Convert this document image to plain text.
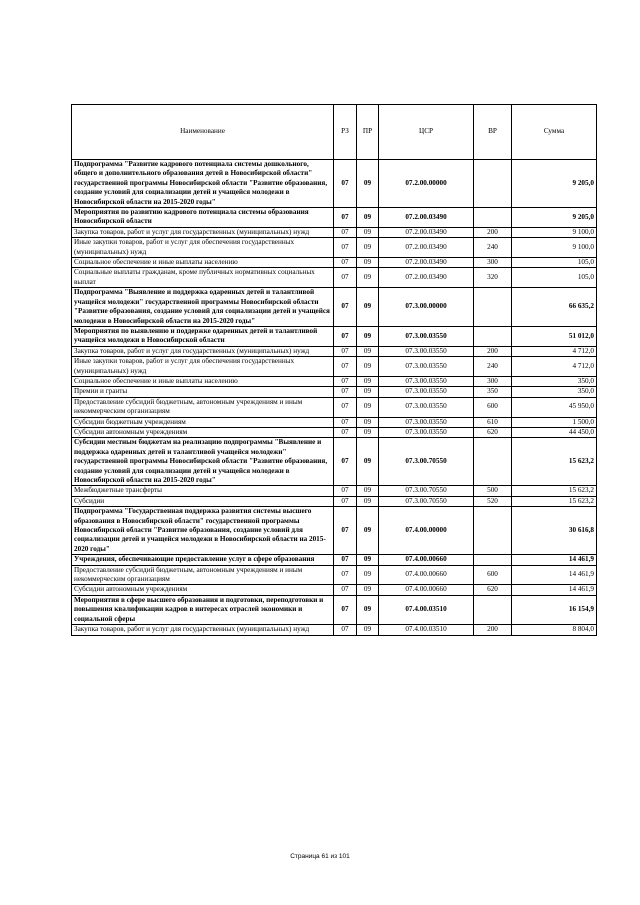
Наименование	РЗ	ПР	ЦСР	ВР	Сумма
Подпрограмма "Развитие кадрового потенциала системы дошкольного, общего и дополнительного образования детей в Новосибирской области" государственной программы Новосибирской области "Развитие образования, создание условий для социализации детей и учащейся молодежи в Новосибирской области на 2015-2020 годы"	07	09	07.2.00.00000		9 205,0
Мероприятия по развитию кадрового потенциала системы образования Новосибирской области	07	09	07.2.00.03490		9 205,0
Закупка товаров, работ и услуг для государственных (муниципальных) нужд	07	09	07.2.00.03490	200	9 100,0
Иные закупки товаров, работ и услуг для обеспечения государственных (муниципальных) нужд	07	09	07.2.00.03490	240	9 100,0
Социальное обеспечение и иные выплаты населению	07	09	07.2.00.03490	300	105,0
Социальные выплаты гражданам, кроме публичных нормативных социальных выплат	07	09	07.2.00.03490	320	105,0
Подпрограмма "Выявление и поддержка одаренных детей и талантливой учащейся молодежи" государственной программы Новосибирской области "Развитие образования, создание условий для социализации детей и учащейся молодежи в Новосибирской области на 2015-2020 годы"	07	09	07.3.00.00000		66 635,2
Мероприятия по выявлению и поддержке одаренных детей и талантливой учащейся молодежи в Новосибирской области	07	09	07.3.00.03550		51 012,0
Закупка товаров, работ и услуг для государственных (муниципальных) нужд	07	09	07.3.00.03550	200	4 712,0
Иные закупки товаров, работ и услуг для обеспечения государственных (муниципальных) нужд	07	09	07.3.00.03550	240	4 712,0
Социальное обеспечение и иные выплаты населению	07	09	07.3.00.03550	300	350,0
Премии и гранты	07	09	07.3.00.03550	350	350,0
Предоставление субсидий бюджетным, автономным учреждениям и иным некоммерческим организациям	07	09	07.3.00.03550	600	45 950,0
Субсидии бюджетным учреждениям	07	09	07.3.00.03550	610	1 500,0
Субсидии автономным учреждениям	07	09	07.3.00.03550	620	44 450,0
Субсидии местным бюджетам на реализацию подпрограммы "Выявление и поддержка одаренных детей и талантливой учащейся молодежи" государственной программы Новосибирской области "Развитие образования, создание условий для социализации детей и учащейся молодежи в Новосибирской области на 2015-2020 годы"	07	09	07.3.00.70550		15 623,2
Межбюджетные трансферты	07	09	07.3.00.70550	500	15 623,2
Субсидии	07	09	07.3.00.70550	520	15 623,2
Подпрограмма "Государственная поддержка развития системы высшего образования в Новосибирской области" государственной программы Новосибирской области "Развитие образования, создание условий для социализации детей и учащейся молодежи в Новосибирской области на 2015-2020 годы"	07	09	07.4.00.00000		30 616,8
Учреждения, обеспечивающие предоставление услуг в сфере образования	07	09	07.4.00.00660		14 461,9
Предоставление субсидий бюджетным, автономным учреждениям и иным некоммерческим организациям	07	09	07.4.00.00660	600	14 461,9
Субсидии автономным учреждениям	07	09	07.4.00.00660	620	14 461,9
Мероприятия в сфере высшего образования и подготовки, переподготовки и повышения квалификации кадров в интересах отраслей экономики и социальной сферы	07	09	07.4.00.03510		16 154,9
Закупка товаров, работ и услуг для государственных (муниципальных) нужд	07	09	07.4.00.03510	200	8 804,0
Страница 61 из 101
